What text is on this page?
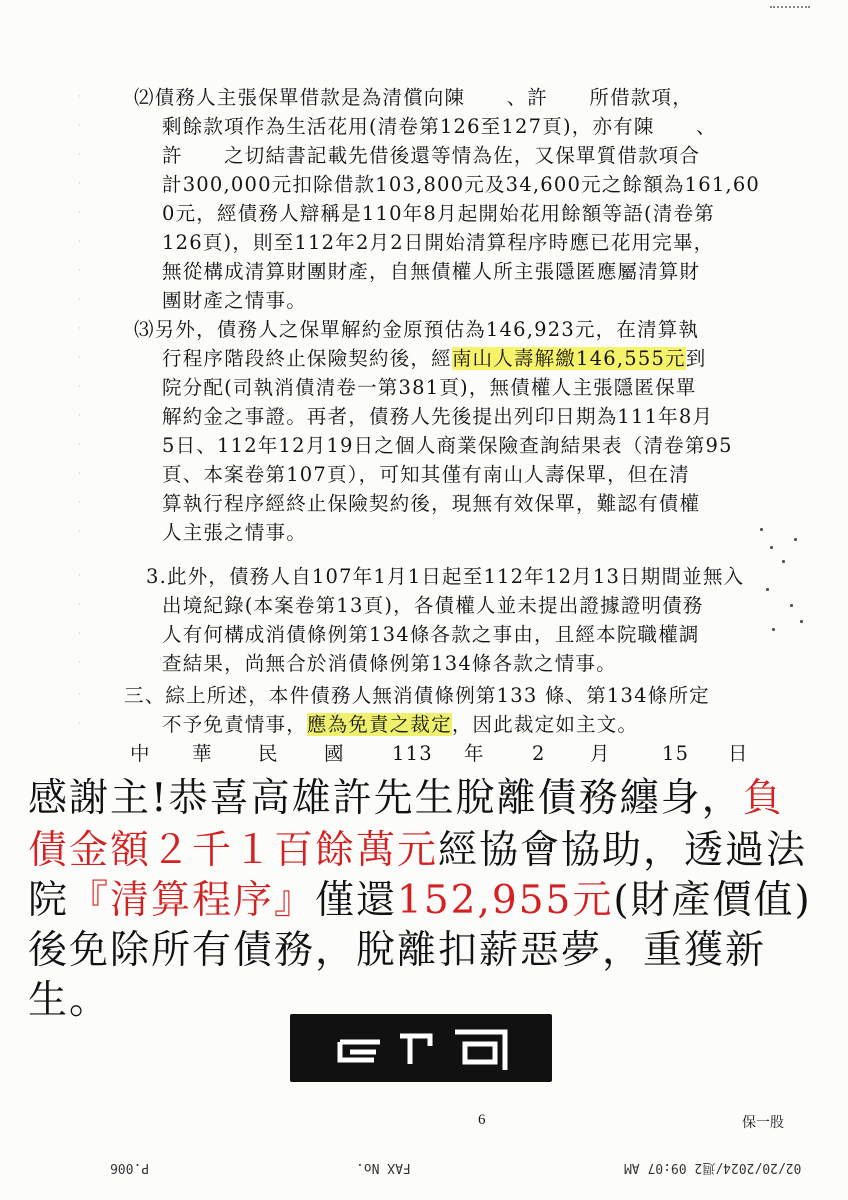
·
·
·
·
·
·
·
·
·
·
·
·
·
·
·
·
·
·
·
·
·
·
⑵債務人主張保單借款是為清償向陳　　、許　　所借款項，
剩餘款項作為生活花用(清卷第126至127頁)，亦有陳　　、
許　　之切結書記載先借後還等情為佐，又保單質借款項合
計300,000元扣除借款103,800元及34,600元之餘額為161,60
0元，經債務人辯稱是110年8月起開始花用餘額等語(清卷第
126頁)，則至112年2月2日開始清算程序時應已花用完畢，
無從構成清算財團財產，自無債權人所主張隱匿應屬清算財
團財產之情事。
⑶另外，債務人之保單解約金原預估為146,923元，在清算執
行程序階段終止保險契約後，經南山人壽解繳146,555元到
院分配(司執消債清卷一第381頁)，無債權人主張隱匿保單
解約金之事證。再者，債務人先後提出列印日期為111年8月
5日、112年12月19日之個人商業保險查詢結果表（清卷第95
頁、本案卷第107頁），可知其僅有南山人壽保單，但在清
算執行程序經終止保險契約後，現無有效保單，難認有債權
人主張之情事。
3.此外，債務人自107年1月1日起至112年12月13日期間並無入
出境紀錄(本案卷第13頁)，各債權人並未提出證據證明債務
人有何構成消債條例第134條各款之事由，且經本院職權調
查結果，尚無合於消債條例第134條各款之情事。
三、綜上所述，本件債務人無消債條例第133 條、第134條所定
不予免責情事，應為免責之裁定，因此裁定如主文。
中 華 民 國 113 年 2 月	15 日
感謝主!恭喜高雄許先生脫離債務纏身，負
債金額２千１百餘萬元經協會協助，透過法
院『清算程序』僅還152,955元(財產價值)
後免除所有債務，脫離扣薪惡夢，重獲新
生。
6	保一股
P.006	FAX No.	02/20/2024/週2 09:07 AM
